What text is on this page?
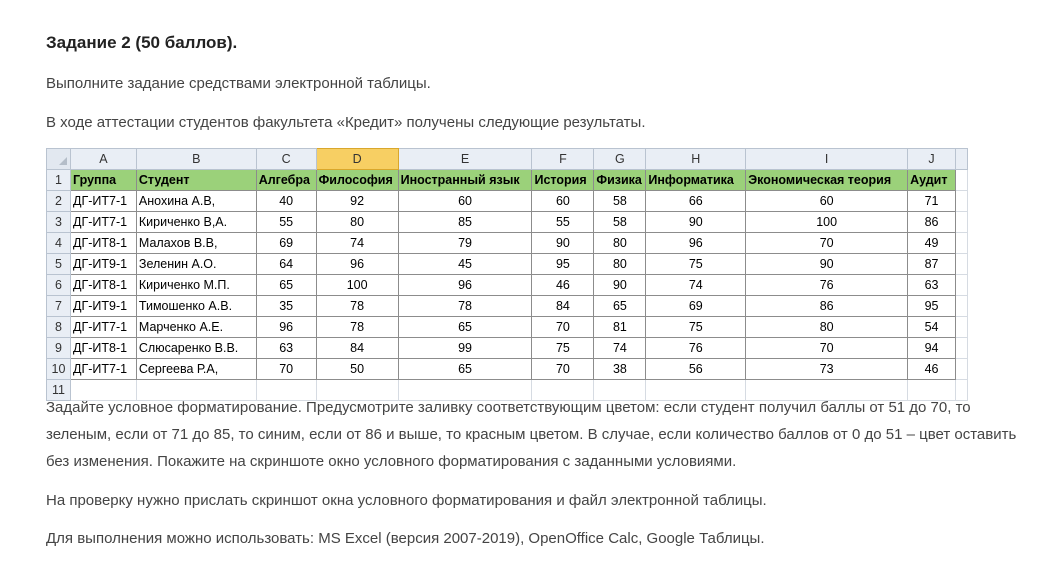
Задание 2 (50 баллов).
Выполните задание средствами электронной таблицы.
В ходе аттестации студентов факультета «Кредит» получены следующие результаты.
	A	B	C	D	E	F	G	H	I	J	
1	Группа	Студент	Алгебра	Философия	Иностранный язык	История	Физика	Информатика	Экономическая теория	Аудит	
2	ДГ-ИТ7-1	Анохина А.В,	40	92	60	60	58	66	60	71	
3	ДГ-ИТ7-1	Кириченко В,А.	55	80	85	55	58	90	100	86	
4	ДГ-ИТ8-1	Малахов В.В,	69	74	79	90	80	96	70	49	
5	ДГ-ИТ9-1	Зеленин А.О.	64	96	45	95	80	75	90	87	
6	ДГ-ИТ8-1	Кириченко М.П.	65	100	96	46	90	74	76	63	
7	ДГ-ИТ9-1	Тимошенко А.В.	35	78	78	84	65	69	86	95	
8	ДГ-ИТ7-1	Марченко А.Е.	96	78	65	70	81	75	80	54	
9	ДГ-ИТ8-1	Слюсаренко В.В.	63	84	99	75	74	76	70	94	
10	ДГ-ИТ7-1	Сергеева Р.А,	70	50	65	70	38	56	73	46	
11											
Задайте условное форматирование. Предусмотрите заливку соответствующим цветом: если студент получил баллы от 51 до 70, то зеленым, если от 71 до 85, то синим, если от 86 и выше, то красным цветом. В случае, если количество баллов от 0 до 51 – цвет оставить без изменения. Покажите на скриншоте окно условного форматирования с заданными условиями.
На проверку нужно прислать скриншот окна условного форматирования и файл электронной таблицы.
Для выполнения можно использовать: MS Excel (версия 2007-2019), OpenOffice Calc, Google Таблицы.
